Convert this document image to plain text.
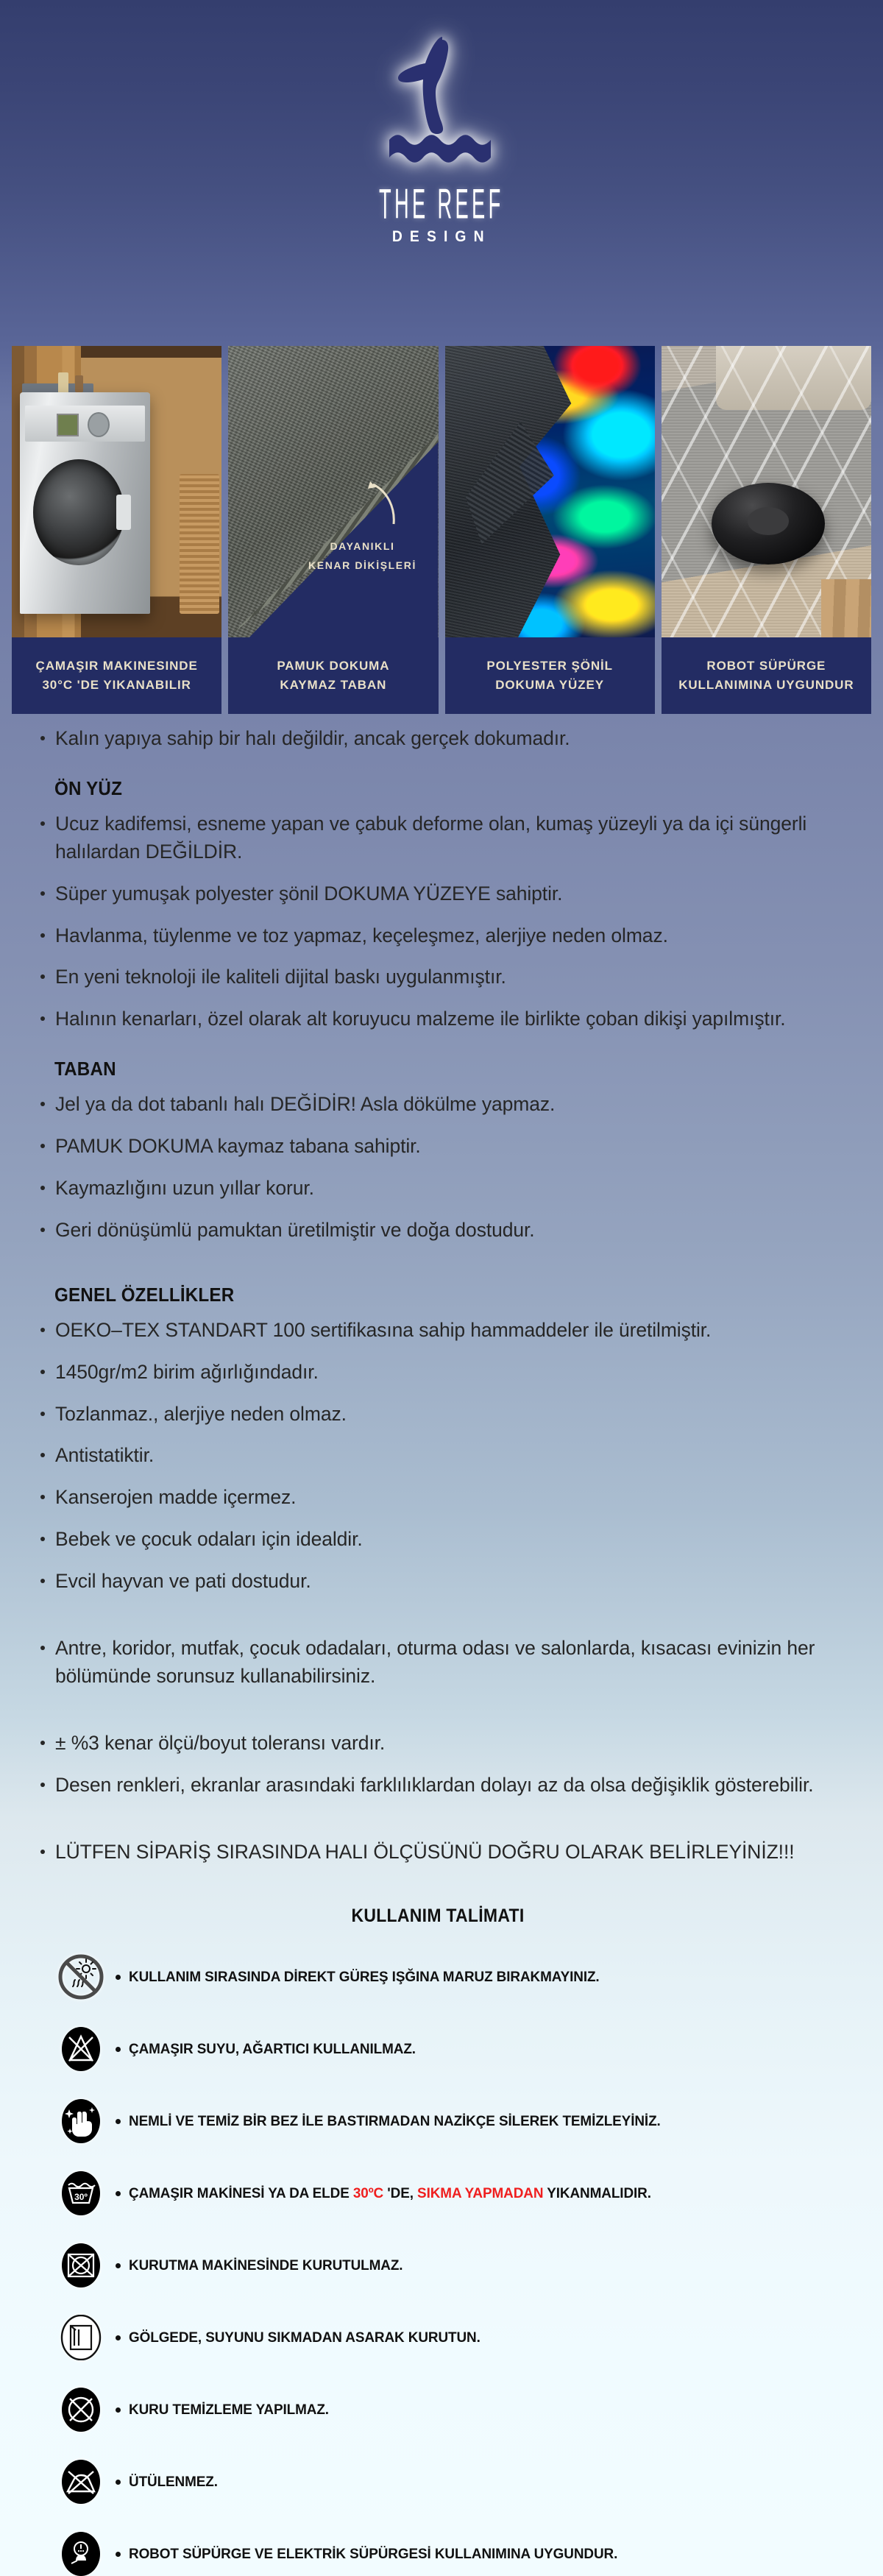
THE REEF
DESIGN
ÇAMAŞIR MAKINESINDE
30°C 'DE YIKANABILIR
DAYANIKLI
KENAR DİKİŞLERİ
PAMUK DOKUMA
KAYMAZ TABAN
POLYESTER ŞÖNİL
DOKUMA YÜZEY
ROBOT SÜPÜRGE
KULLANIMINA UYGUNDUR
Kalın yapıya sahip bir halı değildir, ancak gerçek dokumadır.
ÖN YÜZ
Ucuz kadifemsi, esneme yapan ve çabuk deforme olan, kumaş yüzeyli ya da içi süngerli halılardan DEĞİLDİR.
Süper yumuşak polyester şönil DOKUMA YÜZEYE sahiptir.
Havlanma, tüylenme ve toz yapmaz, keçeleşmez, alerjiye neden olmaz.
En yeni teknoloji ile kaliteli dijital baskı uygulanmıştır.
Halının kenarları, özel olarak alt koruyucu malzeme ile birlikte çoban dikişi yapılmıştır.
TABAN
Jel ya da dot tabanlı halı DEĞİDİR! Asla dökülme yapmaz.
PAMUK DOKUMA kaymaz tabana sahiptir.
Kaymazlığını uzun yıllar korur.
Geri dönüşümlü pamuktan üretilmiştir ve doğa dostudur.
GENEL ÖZELLİKLER
OEKO–TEX STANDART 100 sertifikasına sahip hammaddeler ile üretilmiştir.
1450gr/m2 birim ağırlığındadır.
Tozlanmaz., alerjiye neden olmaz.
Antistatiktir.
Kanserojen madde içermez.
Bebek ve çocuk odaları için idealdir.
Evcil hayvan ve pati dostudur.
Antre, koridor, mutfak, çocuk odadaları, oturma odası ve salonlarda, kısacası evinizin her bölümünde sorunsuz kullanabilirsiniz.
± %3 kenar ölçü/boyut toleransı vardır.
Desen renkleri, ekranlar arasındaki farklılıklardan dolayı az da olsa değişiklik gösterebilir.
LÜTFEN SİPARİŞ SIRASINDA HALI ÖLÇÜSÜNÜ DOĞRU OLARAK BELİRLEYİNİZ!!!
KULLANIM TALİMATI
KULLANIM SIRASINDA DİREKT GÜREŞ IŞĞINA MARUZ BIRAKMAYINIZ.
ÇAMAŞIR SUYU, AĞARTICI KULLANILMAZ.
NEMLİ VE TEMİZ BİR BEZ İLE BASTIRMADAN NAZİKÇE SİLEREK TEMİZLEYİNİZ.
30º	ÇAMAŞIR MAKİNESİ YA DA ELDE 30ºC 'DE, SIKMA YAPMADAN YIKANMALIDIR.
KURUTMA MAKİNESİNDE KURUTULMAZ.
GÖLGEDE, SUYUNU SIKMADAN ASARAK KURUTUN.
KURU TEMİZLEME YAPILMAZ.
ÜTÜLENMEZ.
ROBOT SÜPÜRGE VE ELEKTRİK SÜPÜRGESİ KULLANIMINA UYGUNDUR.
